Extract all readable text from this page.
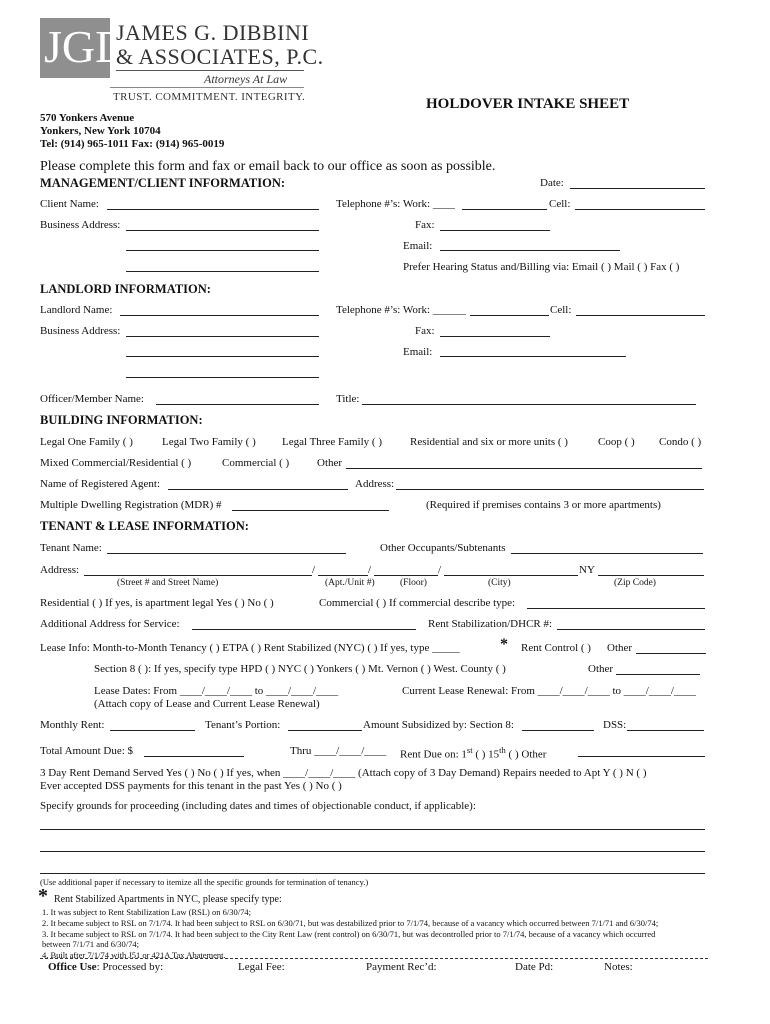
JGD
JAMES G. DIBBINI
& ASSOCIATES, P.C.
Attorneys At Law
TRUST. COMMITMENT. INTEGRITY.	HOLDOVER INTAKE SHEET
570 Yonkers Avenue
Yonkers, New York 10704
Tel: (914) 965-1011 Fax: (914) 965-0019
Please complete this form and fax or email back to our office as soon as possible.
MANAGEMENT/CLIENT INFORMATION:	Date:
Client Name:	Telephone #’s: Work: ____	Cell:
Business Address:	Fax:
Email:
Prefer Hearing Status and/Billing via: Email ( ) Mail ( ) Fax ( )
LANDLORD INFORMATION:
Landlord Name:	Telephone #’s: Work: ______	Cell:
Business Address:	Fax:
Email:
Officer/Member Name:	Title:
BUILDING INFORMATION:
Legal One Family ( )	Legal Two Family ( ) Legal Three Family ( )	Residential and six or more units ( )	Coop ( ) Condo ( )
Mixed Commercial/Residential ( )	Commercial ( )	Other
Name of Registered Agent:	Address:
Multiple Dwelling Registration (MDR) #	(Required if premises contains 3 or more apartments)
TENANT & LEASE INFORMATION:
Tenant Name:	Other Occupants/Subtenants
Address:	/	/	/	NY
(Street # and Street Name)	(Apt./Unit #)	(Floor)	(City)	(Zip Code)
Residential ( ) If yes, is apartment legal Yes ( ) No ( )	Commercial ( ) If commercial describe type:
Additional Address for Service:	Rent Stabilization/DHCR #:
Lease Info: Month-to-Month Tenancy ( ) ETPA ( ) Rent Stabilized (NYC) ( ) If yes, type _____	* Rent Control ( ) Other
Section 8 ( ): If yes, specify type HPD ( ) NYC ( ) Yonkers ( ) Mt. Vernon ( ) West. County ( )	Other
Lease Dates: From ____/____/____ to ____/____/____	Current Lease Renewal: From ____/____/____ to ____/____/____
(Attach copy of Lease and Current Lease Renewal)
Monthly Rent:	Tenant’s Portion:	Amount Subsidized by: Section 8:	DSS:
Total Amount Due: $	Thru ____/____/____ Rent Due on: 1st ( ) 15th ( ) Other
3 Day Rent Demand Served Yes ( ) No ( ) If yes, when ____/____/____ (Attach copy of 3 Day Demand) Repairs needed to Apt Y ( ) N ( )
Ever accepted DSS payments for this tenant in the past Yes ( ) No ( )
Specify grounds for proceeding (including dates and times of objectionable conduct, if applicable):
(Use additional paper if necessary to itemize all the specific grounds for termination of tenancy.)
* Rent Stabilized Apartments in NYC, please specify type:
1. It was subject to Rent Stabilization Law (RSL) on 6/30/74;
2. It became subject to RSL on 7/1/74. It had been subject to RSL on 6/30/71, but was destabilized prior to 7/1/74, because of a vacancy which occurred between 7/1/71 and 6/30/74;
3. It became subject to RSL on 7/1/74. It had been subject to the City Rent Law (rent control) on 6/30/71, but was decontrolled prior to 7/1/74, because of a vacancy which occurred
between 7/1/71 and 6/30/74;
4. Built after 7/1/74 with J51 or 421A Tax Abatement.
Office Use: Processed by:	Legal Fee:	Payment Rec’d:	Date Pd:	Notes:
